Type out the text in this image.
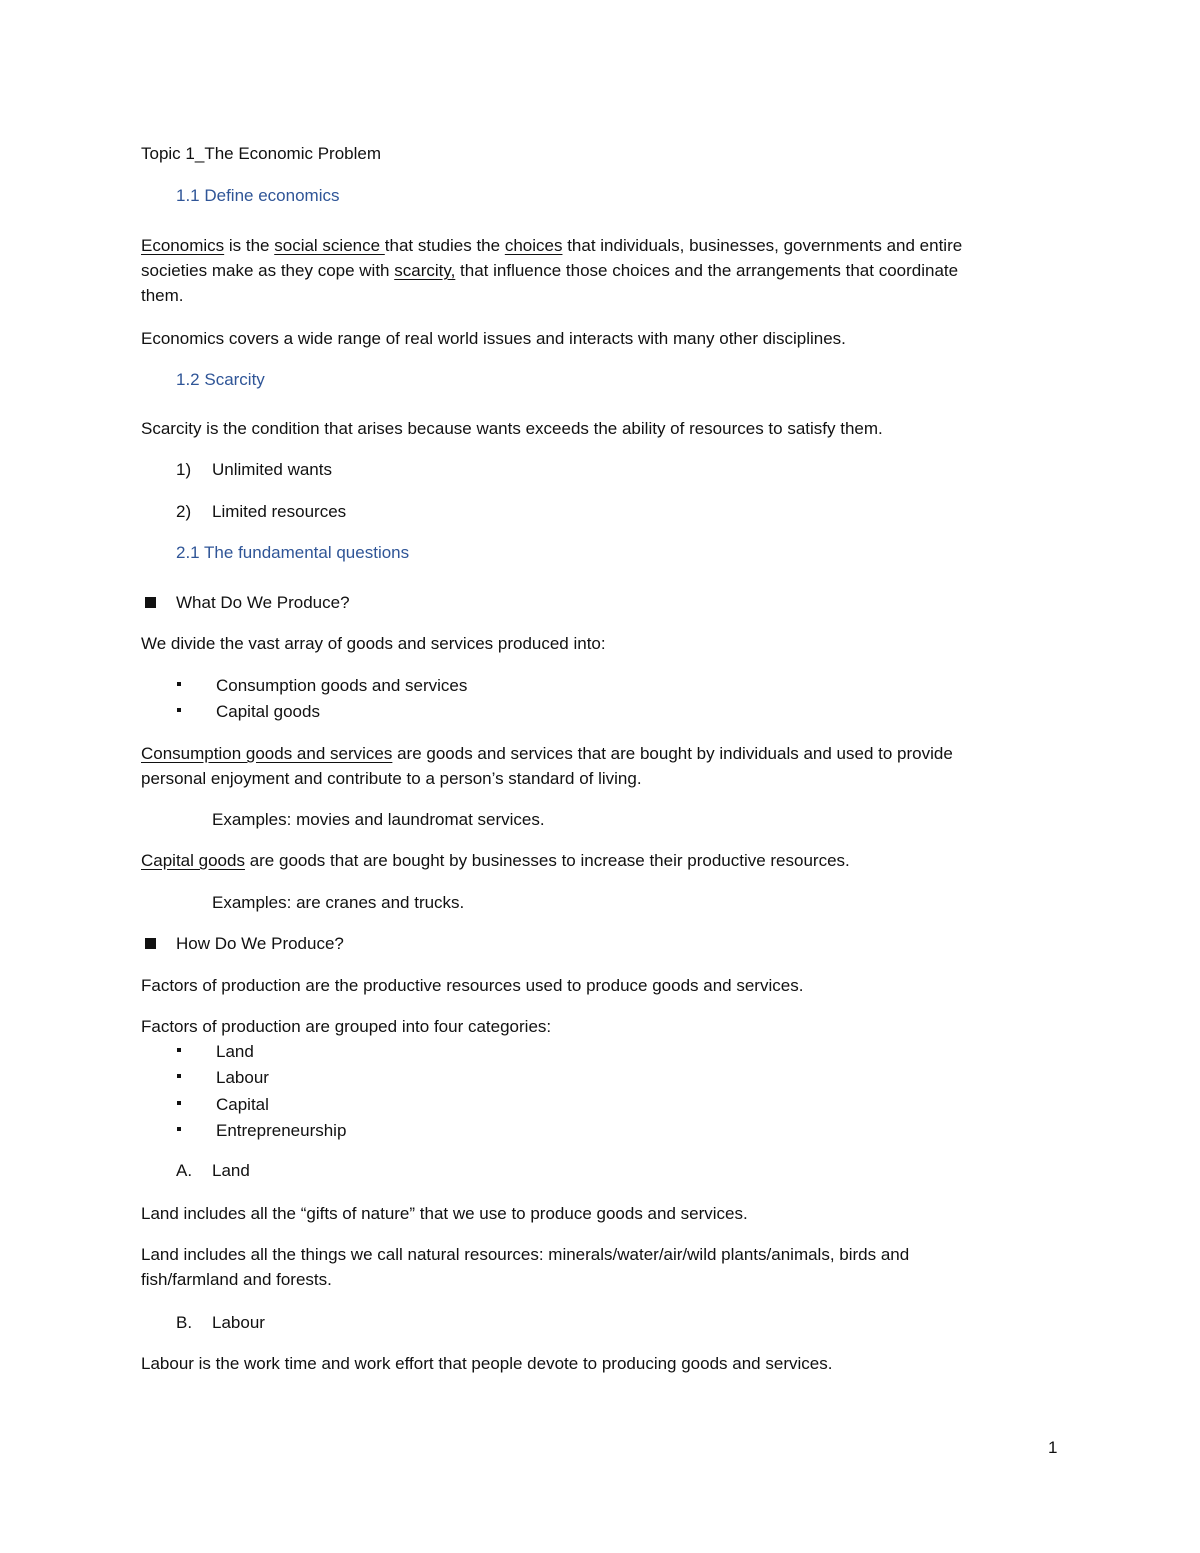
Topic 1_The Economic Problem
1.1 Define economics
Economics is the social science that studies the choices that individuals, businesses, governments and entire
societies make as they cope with scarcity, that influence those choices and the arrangements that coordinate
them.
Economics covers a wide range of real world issues and interacts with many other disciplines.
1.2 Scarcity
Scarcity is the condition that arises because wants exceeds the ability of resources to satisfy them.
1) Unlimited wants
2) Limited resources
2.1 The fundamental questions
What Do We Produce?
We divide the vast array of goods and services produced into:
Consumption goods and services
Capital goods
Consumption goods and services are goods and services that are bought by individuals and used to provide
personal enjoyment and contribute to a person’s standard of living.
Examples: movies and laundromat services.
Capital goods are goods that are bought by businesses to increase their productive resources.
Examples: are cranes and trucks.
How Do We Produce?
Factors of production are the productive resources used to produce goods and services.
Factors of production are grouped into four categories:
Land
Labour
Capital
Entrepreneurship
A. Land
Land includes all the “gifts of nature” that we use to produce goods and services.
Land includes all the things we call natural resources: minerals/water/air/wild plants/animals, birds and
fish/farmland and forests.
B. Labour
Labour is the work time and work effort that people devote to producing goods and services.
1
